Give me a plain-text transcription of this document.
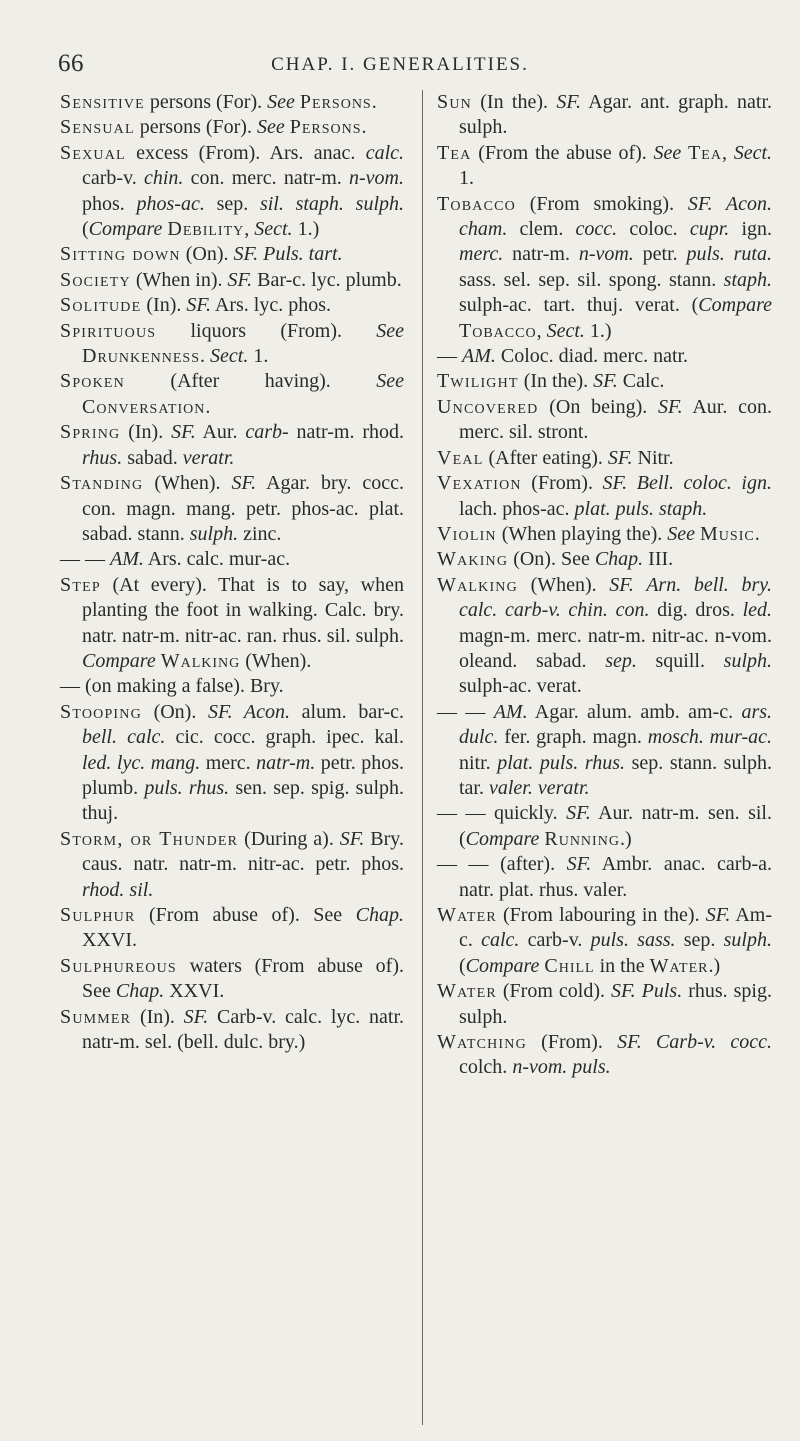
66	CHAP. I. GENERALITIES.

Sensitive persons (For). See Persons.

Sensual persons (For). See Persons.

Sexual excess (From). Ars. anac. calc. carb-v. chin. con. merc. natr-m. n-vom. phos. phos-ac. sep. sil. staph. sulph. (Compare Debility, Sect. 1.)

Sitting down (On). SF. Puls. tart.

Society (When in). SF. Bar-c. lyc. plumb.

Solitude (In). SF. Ars. lyc. phos.

Spirituous liquors (From). See Drunkenness. Sect. 1.

Spoken (After having). See Conversation.

Spring (In). SF. Aur. carb- natr-m. rhod. rhus. sabad. veratr.

Standing (When). SF. Agar. bry. cocc. con. magn. mang. petr. phos-ac. plat. sabad. stann. sulph. zinc.

— — AM. Ars. calc. mur-ac.

Step (At every). That is to say, when planting the foot in walking. Calc. bry. natr. natr-m. nitr-ac. ran. rhus. sil. sulph. Compare Walking (When).

— (on making a false). Bry.

Stooping (On). SF. Acon. alum. bar-c. bell. calc. cic. cocc. graph. ipec. kal. led. lyc. mang. merc. natr-m. petr. phos. plumb. puls. rhus. sen. sep. spig. sulph. thuj.

Storm, or Thunder (During a). SF. Bry. caus. natr. natr-m. nitr-ac. petr. phos. rhod. sil.

Sulphur (From abuse of). See Chap. XXVI.

Sulphureous waters (From abuse of). See Chap. XXVI.

Summer (In). SF. Carb-v. calc. lyc. natr. natr-m. sel. (bell. dulc. bry.)

Sun (In the). SF. Agar. ant. graph. natr. sulph.

Tea (From the abuse of). See Tea, Sect. 1.

Tobacco (From smoking). SF. Acon. cham. clem. cocc. coloc. cupr. ign. merc. natr-m. n-vom. petr. puls. ruta. sass. sel. sep. sil. spong. stann. staph. sulph-ac. tart. thuj. verat. (Compare Tobacco, Sect. 1.)

— AM. Coloc. diad. merc. natr.

Twilight (In the). SF. Calc.

Uncovered (On being). SF. Aur. con. merc. sil. stront.

Veal (After eating). SF. Nitr.

Vexation (From). SF. Bell. coloc. ign. lach. phos-ac. plat. puls. staph.

Violin (When playing the). See Music.

Waking (On). See Chap. III.

Walking (When). SF. Arn. bell. bry. calc. carb-v. chin. con. dig. dros. led. magn-m. merc. natr-m. nitr-ac. n-vom. oleand. sabad. sep. squill. sulph. sulph-ac. verat.

— — AM. Agar. alum. amb. am-c. ars. dulc. fer. graph. magn. mosch. mur-ac. nitr. plat. puls. rhus. sep. stann. sulph. tar. valer. veratr.

— — quickly. SF. Aur. natr-m. sen. sil. (Compare Running.)

— — (after). SF. Ambr. anac. carb-a. natr. plat. rhus. valer.

Water (From labouring in the). SF. Am-c. calc. carb-v. puls. sass. sep. sulph. (Compare Chill in the Water.)

Water (From cold). SF. Puls. rhus. spig. sulph.

Watching (From). SF. Carb-v. cocc. colch. n-vom. puls.
